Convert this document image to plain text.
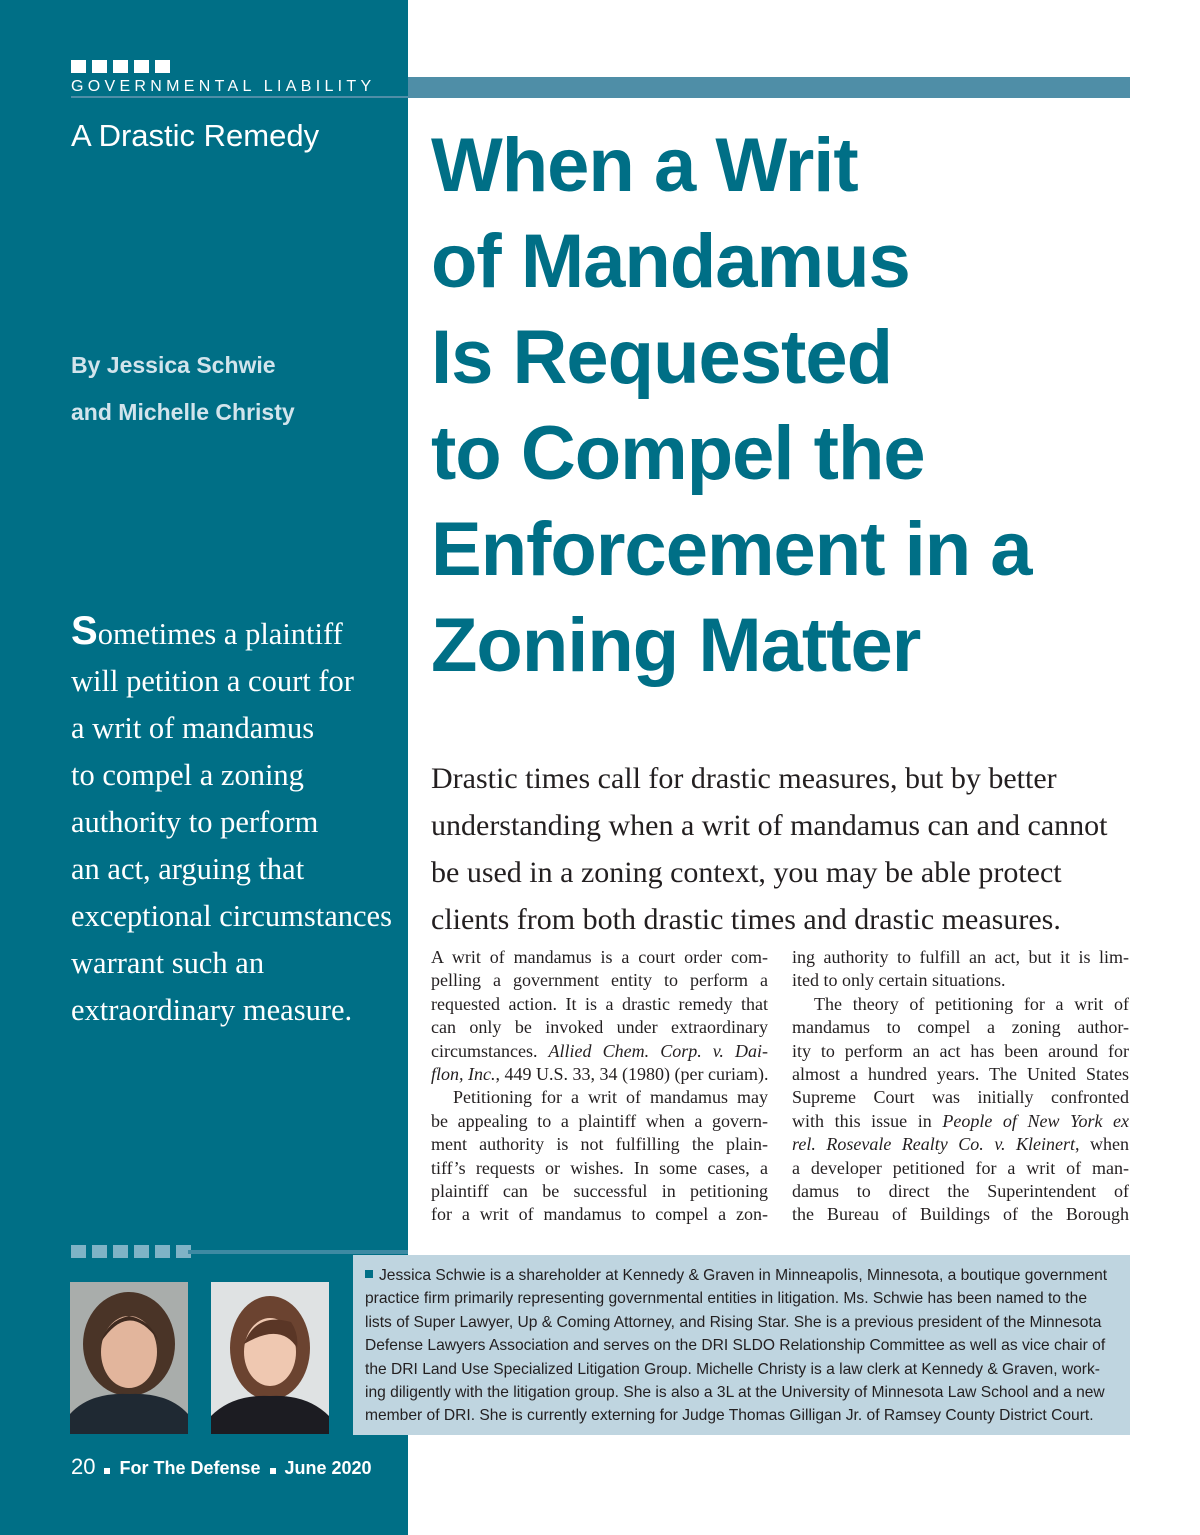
GOVERNMENTAL LIABILITY
A Drastic Remedy
By Jessica Schwie
and Michelle Christy
Sometimes a plaintiff
will petition a court for
a writ of mandamus
to compel a zoning
authority to perform
an act, arguing that
exceptional circumstances
warrant such an
extraordinary measure.
When a Writ
of Mandamus
Is Requested
to Compel the
Enforcement in a
Zoning Matter
Drastic times call for drastic measures, but by better
understanding when a writ of mandamus can and cannot
be used in a zoning context, you may be able protect
clients from both drastic times and drastic measures.
A writ of mandamus is a court order com-
pelling a government entity to perform a
requested action. It is a drastic remedy that
can only be invoked under extraordinary
circumstances. Allied Chem. Corp. v. Dai-
flon, Inc., 449 U.S. 33, 34 (1980) (per curiam).
Petitioning for a writ of mandamus may
be appealing to a plaintiff when a govern-
ment authority is not fulfilling the plain-
tiff’s requests or wishes. In some cases, a
plaintiff can be successful in petitioning
for a writ of mandamus to compel a zon-
ing authority to fulfill an act, but it is lim-
ited to only certain situations.
The theory of petitioning for a writ of
mandamus to compel a zoning author-
ity to perform an act has been around for
almost a hundred years. The United States
Supreme Court was initially confronted
with this issue in People of New York ex
rel. Rosevale Realty Co. v. Kleinert, when
a developer petitioned for a writ of man-
damus to direct the Superintendent of
the Bureau of Buildings of the Borough
Jessica Schwie is a shareholder at Kennedy & Graven in Minneapolis, Minnesota, a boutique government
practice firm primarily representing governmental entities in litigation. Ms. Schwie has been named to the
lists of Super Lawyer, Up & Coming Attorney, and Rising Star. She is a previous president of the Minnesota
Defense Lawyers Association and serves on the DRI SLDO Relationship Committee as well as vice chair of
the DRI Land Use Specialized Litigation Group. Michelle Christy is a law clerk at Kennedy & Graven, work-
ing diligently with the litigation group. She is also a 3L at the University of Minnesota Law School and a new
member of DRI. She is currently externing for Judge Thomas Gilligan Jr. of Ramsey County District Court.
20 For The Defense June 2020
